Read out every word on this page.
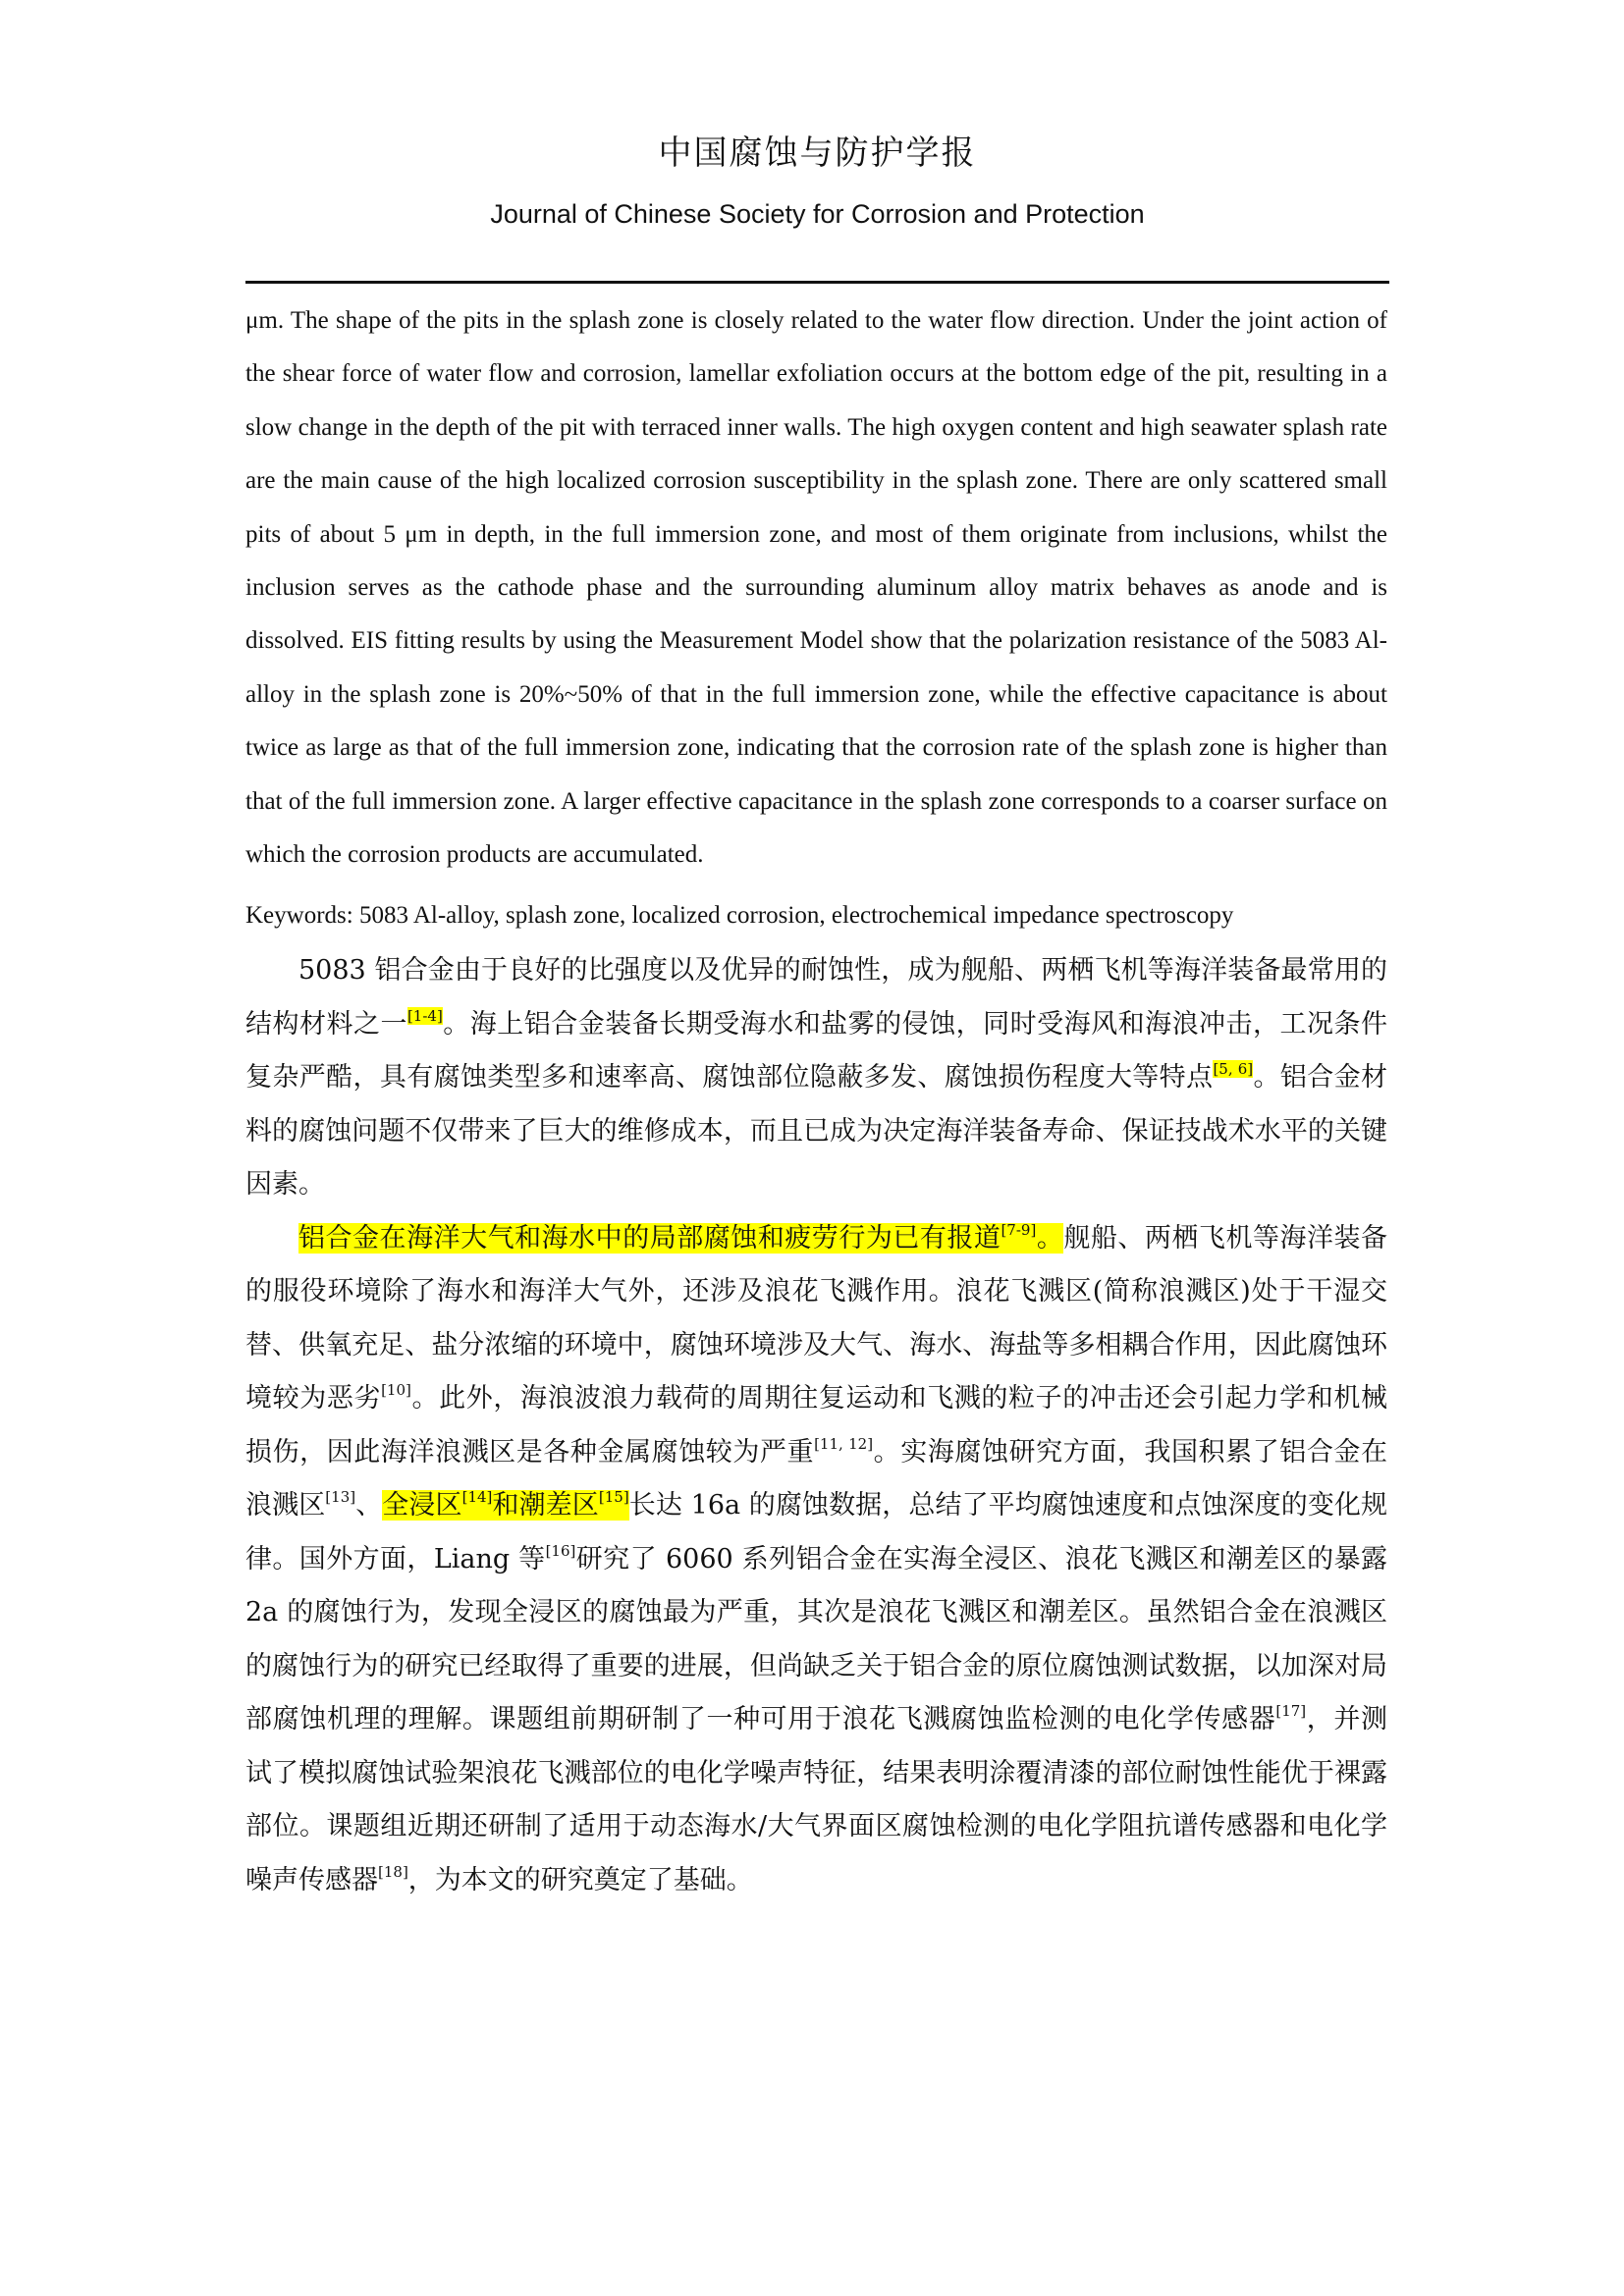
中国腐蚀与防护学报
Journal of Chinese Society for Corrosion and Protection

μm. The shape of the pits in the splash zone is closely related to the water flow direction. Under the joint action of the shear force of water flow and corrosion, lamellar exfoliation occurs at the bottom edge of the pit, resulting in a slow change in the depth of the pit with terraced inner walls. The high oxygen content and high seawater splash rate are the main cause of the high localized corrosion susceptibility in the splash zone. There are only scattered small pits of about 5 μm in depth, in the full immersion zone, and most of them originate from inclusions, whilst the inclusion serves as the cathode phase and the surrounding aluminum alloy matrix behaves as anode and is dissolved. EIS fitting results by using the Measurement Model show that the polarization resistance of the 5083 Al-alloy in the splash zone is 20%~50% of that in the full immersion zone, while the effective capacitance is about twice as large as that of the full immersion zone, indicating that the corrosion rate of the splash zone is higher than that of the full immersion zone. A larger effective capacitance in the splash zone corresponds to a coarser surface on which the corrosion products are accumulated.

Keywords: 5083 Al-alloy, splash zone, localized corrosion, electrochemical impedance spectroscopy

5083 铝合金由于良好的比强度以及优异的耐蚀性，成为舰船、两栖飞机等海洋装备最常用的结构材料之一[1-4]。海上铝合金装备长期受海水和盐雾的侵蚀，同时受海风和海浪冲击，工况条件复杂严酷，具有腐蚀类型多和速率高、腐蚀部位隐蔽多发、腐蚀损伤程度大等特点[5, 6]。铝合金材料的腐蚀问题不仅带来了巨大的维修成本，而且已成为决定海洋装备寿命、保证技战术水平的关键因素。

铝合金在海洋大气和海水中的局部腐蚀和疲劳行为已有报道[7-9]。舰船、两栖飞机等海洋装备的服役环境除了海水和海洋大气外，还涉及浪花飞溅作用。浪花飞溅区(简称浪溅区)处于干湿交替、供氧充足、盐分浓缩的环境中，腐蚀环境涉及大气、海水、海盐等多相耦合作用，因此腐蚀环境较为恶劣[10]。此外，海浪波浪力载荷的周期往复运动和飞溅的粒子的冲击还会引起力学和机械损伤，因此海洋浪溅区是各种金属腐蚀较为严重[11, 12]。实海腐蚀研究方面，我国积累了铝合金在浪溅区[13]、全浸区[14]和潮差区[15]长达 16a 的腐蚀数据，总结了平均腐蚀速度和点蚀深度的变化规律。国外方面，Liang 等[16]研究了 6060 系列铝合金在实海全浸区、浪花飞溅区和潮差区的暴露 2a 的腐蚀行为，发现全浸区的腐蚀最为严重，其次是浪花飞溅区和潮差区。虽然铝合金在浪溅区的腐蚀行为的研究已经取得了重要的进展，但尚缺乏关于铝合金的原位腐蚀测试数据，以加深对局部腐蚀机理的理解。课题组前期研制了一种可用于浪花飞溅腐蚀监检测的电化学传感器[17]，并测试了模拟腐蚀试验架浪花飞溅部位的电化学噪声特征，结果表明涂覆清漆的部位耐蚀性能优于裸露部位。课题组近期还研制了适用于动态海水/大气界面区腐蚀检测的电化学阻抗谱传感器和电化学噪声传感器[18]，为本文的研究奠定了基础。
